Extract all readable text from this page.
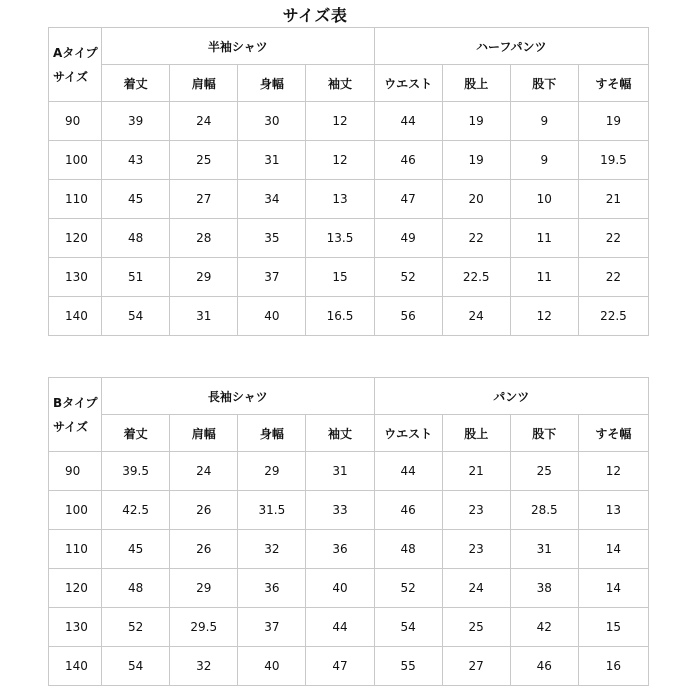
サイズ表
Aタイプ
サイズ	半袖シャツ				ハーフパンツ			
	着丈	肩幅	身幅	袖丈	ウエスト	股上	股下	すそ幅
90	39	24	30	12	44	19	9	19
100	43	25	31	12	46	19	9	19.5
110	45	27	34	13	47	20	10	21
120	48	28	35	13.5	49	22	11	22
130	51	29	37	15	52	22.5	11	22
140	54	31	40	16.5	56	24	12	22.5
Bタイプ
サイズ	長袖シャツ				パンツ			
	着丈	肩幅	身幅	袖丈	ウエスト	股上	股下	すそ幅
90	39.5	24	29	31	44	21	25	12
100	42.5	26	31.5	33	46	23	28.5	13
110	45	26	32	36	48	23	31	14
120	48	29	36	40	52	24	38	14
130	52	29.5	37	44	54	25	42	15
140	54	32	40	47	55	27	46	16
